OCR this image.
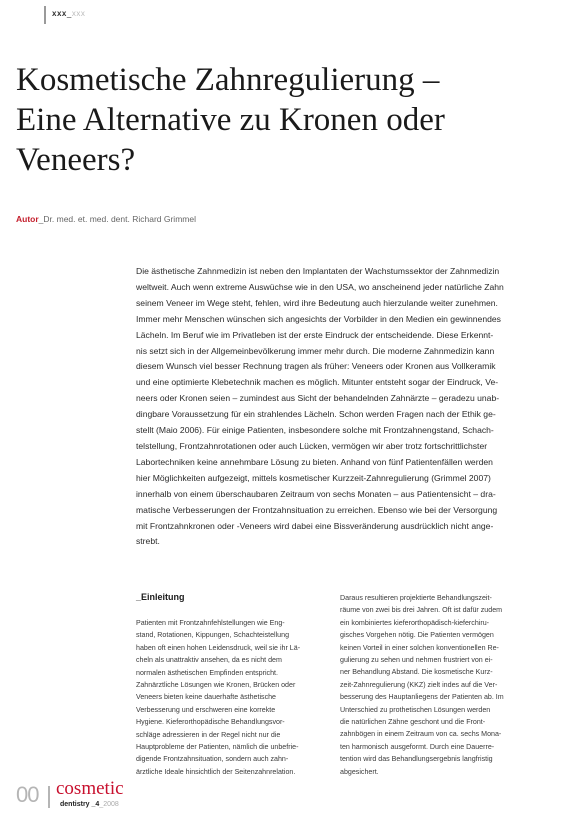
xxx_xxx
Kosmetische Zahnregulierung –
Eine Alternative zu Kronen oder
Veneers?
Autor_Dr. med. et. med. dent. Richard Grimmel

Die ästhetische Zahnmedizin ist neben den Implantaten der Wachstumssektor der Zahnmedizin
weltweit. Auch wenn extreme Auswüchse wie in den USA, wo anscheinend jeder natürliche Zahn
seinem Veneer im Wege steht, fehlen, wird ihre Bedeutung auch hierzulande weiter zunehmen.
Immer mehr Menschen wünschen sich angesichts der Vorbilder in den Medien ein gewinnendes
Lächeln. Im Beruf wie im Privatleben ist der erste Eindruck der entscheidende. Diese Erkennt-
nis setzt sich in der Allgemeinbevölkerung immer mehr durch. Die moderne Zahnmedizin kann
diesem Wunsch viel besser Rechnung tragen als früher: Veneers oder Kronen aus Vollkeramik
und eine optimierte Klebetechnik machen es möglich. Mitunter entsteht sogar der Eindruck, Ve-
neers oder Kronen seien – zumindest aus Sicht der behandelnden Zahnärzte – geradezu unab-
dingbare Voraussetzung für ein strahlendes Lächeln. Schon werden Fragen nach der Ethik ge-
stellt (Maio 2006). Für einige Patienten, insbesondere solche mit Frontzahnengstand, Schach-
telstellung, Frontzahnrotationen oder auch Lücken, vermögen wir aber trotz fortschrittlichster
Labortechniken keine annehmbare Lösung zu bieten. Anhand von fünf Patientenfällen werden
hier Möglichkeiten aufgezeigt, mittels kosmetischer Kurzzeit-Zahnregulierung (Grimmel 2007)
innerhalb von einem überschaubaren Zeitraum von sechs Monaten – aus Patientensicht – dra-
matische Verbesserungen der Frontzahnsituation zu erreichen. Ebenso wie bei der Versorgung
mit Frontzahnkronen oder -Veneers wird dabei eine Bissveränderung ausdrücklich nicht ange-
strebt.

_Einleitung

Patienten mit Frontzahnfehlstellungen wie Eng-
stand, Rotationen, Kippungen, Schachteistellung
haben oft einen hohen Leidensdruck, weil sie ihr Lä-
cheln als unattraktiv ansehen, da es nicht dem
normalen ästhetischen Empfinden entspricht.
Zahnärztliche Lösungen wie Kronen, Brücken oder
Veneers bieten keine dauerhafte ästhetische
Verbesserung und erschweren eine korrekte
Hygiene. Kieferorthopädische Behandlungsvor-
schläge adressieren in der Regel nicht nur die
Hauptprobleme der Patienten, nämlich die unbefrie-
digende Frontzahnsituation, sondern auch zahn-
ärztliche Ideale hinsichtlich der Seitenzahnrelation.

Daraus resultieren projektierte Behandlungszeit-
räume von zwei bis drei Jahren. Oft ist dafür zudem
ein kombiniertes kieferorthopädisch-kieferchiru-
gisches Vorgehen nötig. Die Patienten vermögen
keinen Vorteil in einer solchen konventionellen Re-
gulierung zu sehen und nehmen frustriert von ei-
ner Behandlung Abstand. Die kosmetische Kurz-
zeit-Zahnregulierung (KKZ) zielt indes auf die Ver-
besserung des Hauptanliegens der Patienten ab. Im
Unterschied zu prothetischen Lösungen werden
die natürlichen Zähne geschont und die Front-
zahnbögen in einem Zeitraum von ca. sechs Mona-
ten harmonisch ausgeformt. Durch eine Dauerre-
tention wird das Behandlungsergebnis langfristig
abgesichert.

00 cosmetic
dentistry _4_2008
